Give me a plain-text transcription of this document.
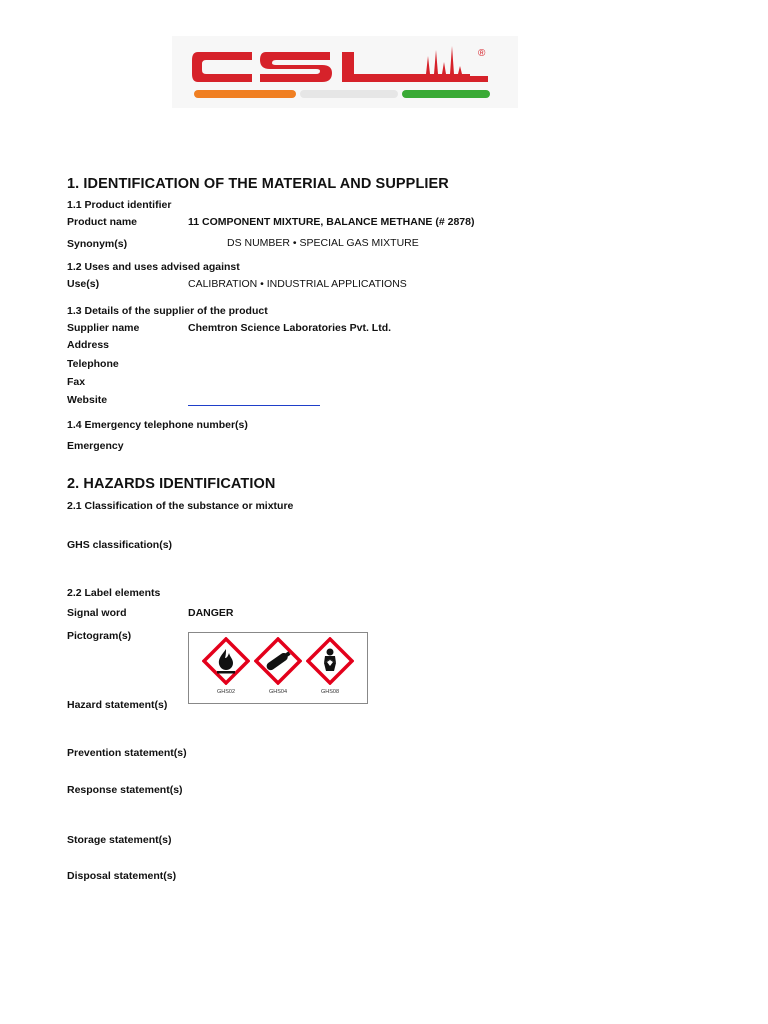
®
1. IDENTIFICATION OF THE MATERIAL AND SUPPLIER
1.1 Product identifier
Product name	11 COMPONENT MIXTURE, BALANCE METHANE (# 2878)
Synonym(s)	DS NUMBER • SPECIAL GAS MIXTURE
1.2 Uses and uses advised against
Use(s)	CALIBRATION • INDUSTRIAL APPLICATIONS
1.3 Details of the supplier of the product
Supplier name	Chemtron Science Laboratories Pvt. Ltd.
Address
Telephone
Fax
Website
1.4 Emergency telephone number(s)
Emergency
2. HAZARDS IDENTIFICATION
2.1 Classification of the substance or mixture
GHS classification(s)
2.2 Label elements
Signal word	DANGER
Pictogram(s)
GHS02	GHS04	GHS08
Hazard statement(s)
Prevention statement(s)
Response statement(s)
Storage statement(s)
Disposal statement(s)
